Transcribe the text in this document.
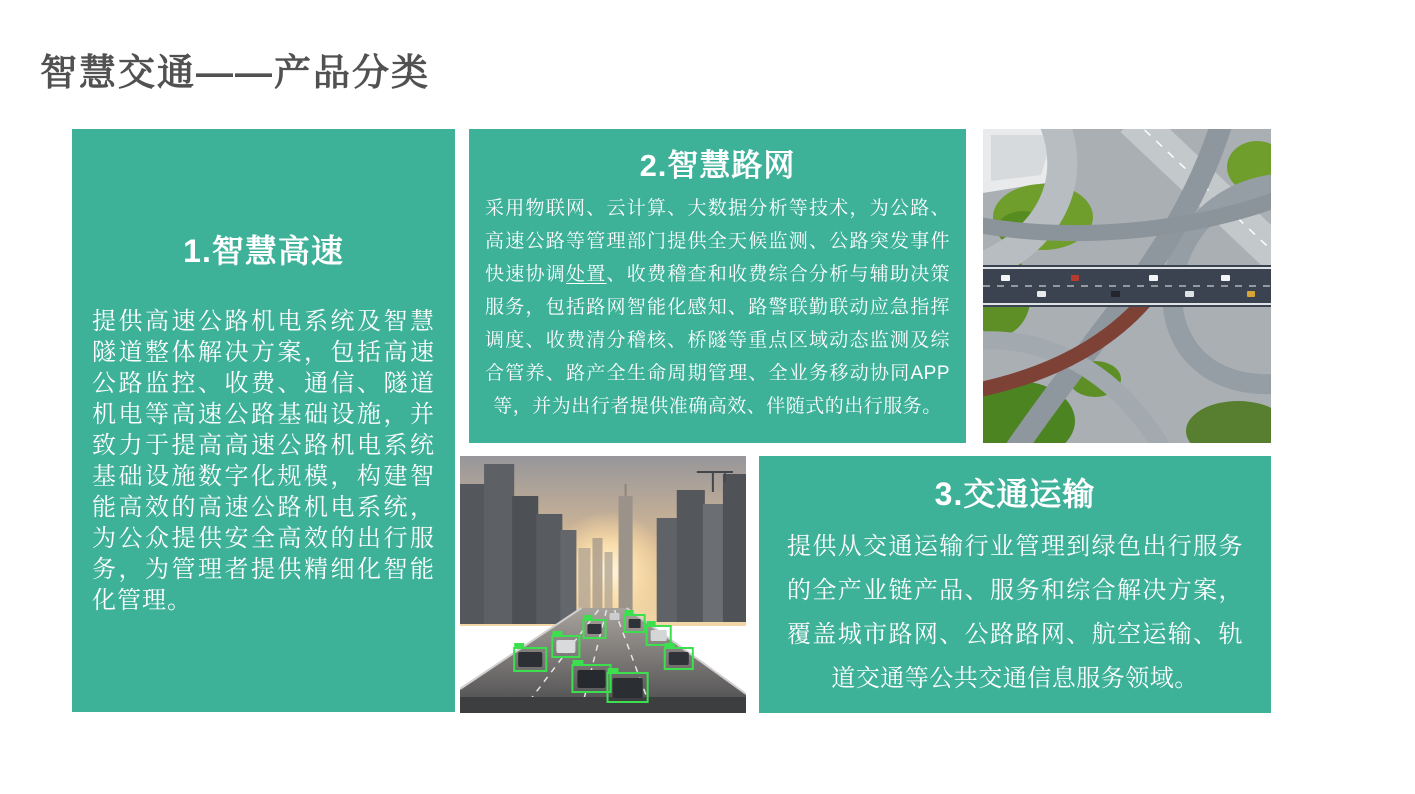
智慧交通——产品分类
1.智慧高速

提供高速公路机电系统及智慧隧道整体解决方案，包括高速公路监控、收费、通信、隧道机电等高速公路基础设施，并致力于提高高速公路机电系统基础设施数字化规模，构建智能高效的高速公路机电系统，为公众提供安全高效的出行服务，为管理者提供精细化智能化管理。

2.智慧路网

采用物联网、云计算、大数据分析等技术，为公路、高速公路等管理部门提供全天候监测、公路突发事件快速协调处置、收费稽查和收费综合分析与辅助决策服务，包括路网智能化感知、路警联勤联动应急指挥调度、收费清分稽核、桥隧等重点区域动态监测及综合管养、路产全生命周期管理、全业务移动协同APP等，并为出行者提供准确高效、伴随式的出行服务。

3.交通运输

提供从交通运输行业管理到绿色出行服务的全产业链产品、服务和综合解决方案，覆盖城市路网、公路路网、航空运输、轨道交通等公共交通信息服务领域。
